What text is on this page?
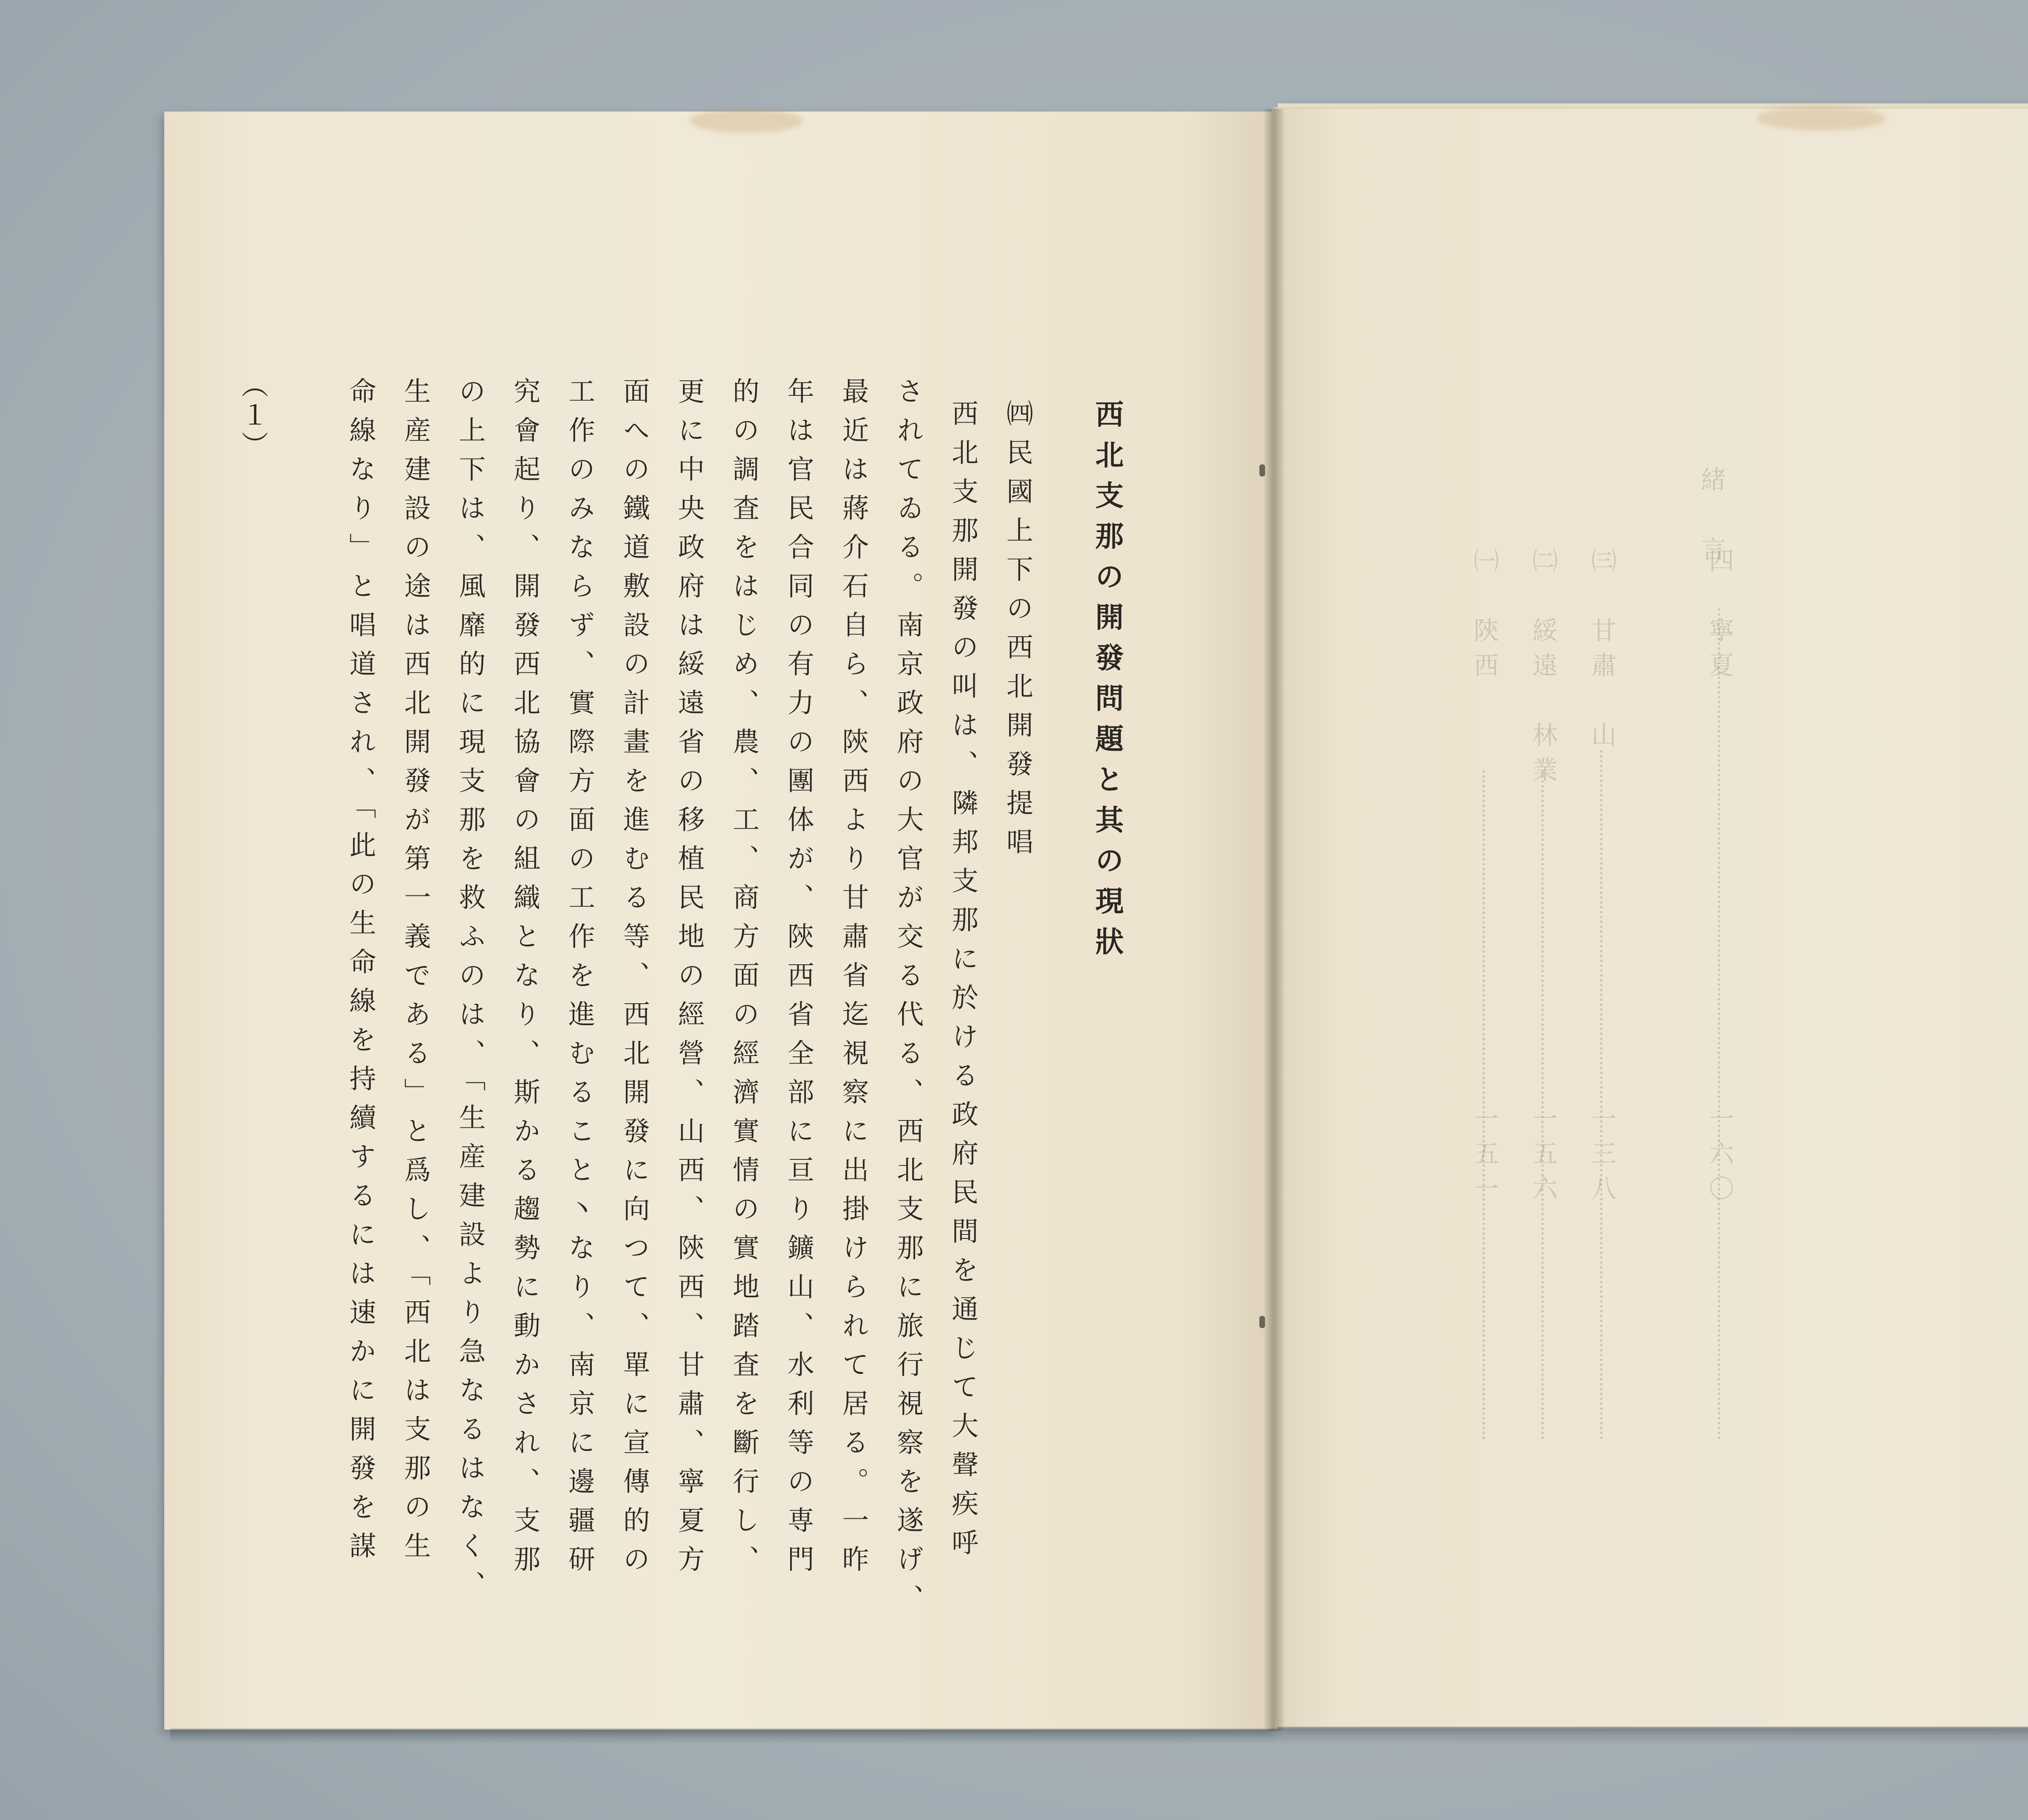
西北支那の開發問題と其の現狀
㈣民國上下の西北開發提唱
西北支那開發の叫は、隣邦支那に於ける政府民間を通じて大聲疾呼
されてゐる。南京政府の大官が交る代る、西北支那に旅行視察を遂げ、
最近は蔣介石自ら、陝西より甘肅省迄視察に出掛けられて居る。一昨
年は官民合同の有力の團体が、陝西省全部に亘り鑛山、水利等の専門
的の調査をはじめ、農、工、商方面の經濟實情の實地踏査を斷行し、
更に中央政府は綏遠省の移植民地の經營、山西、陝西、甘肅、寧夏方
面への鐵道敷設の計畫を進むる等、西北開發に向つて、單に宣傳的の
工作のみならず、實際方面の工作を進むること丶なり、南京に邊疆研
究會起り、開發西北協會の組織となり、斯かる趨勢に動かされ、支那
の上下は、風靡的に現支那を救ふのは、「生産建設より急なるはなく、
生産建設の途は西北開發が第一義である」と爲し、「西北は支那の生
命線なり」と唱道され、「此の生命線を持續するには速かに開發を謀
（１）
緒　言
四　寧夏　　　　　　　　　　　　一六〇
㈢　甘肅　山　　　　　　　　　　一三八
㈡　綏遠　林業　　　　　　　　　一五六
㈠　陝西　　　　　　　　　　　　一五一
